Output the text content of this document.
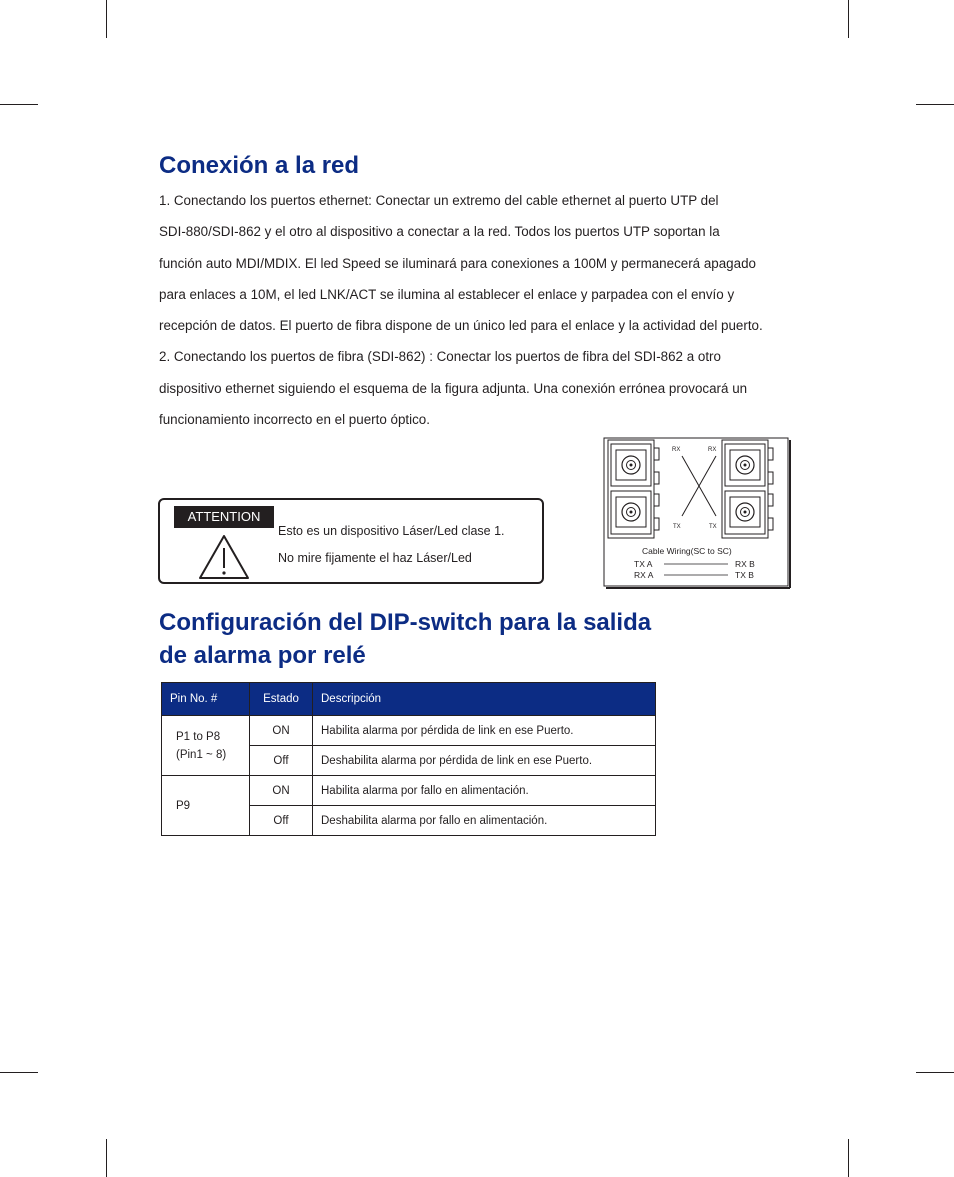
Conexión a la red
1. Conectando los puertos ethernet: Conectar un extremo del cable ethernet al puerto UTP del
SDI-880/SDI-862 y el otro al dispositivo a conectar a la red. Todos los puertos UTP soportan la
función auto MDI/MDIX. El led Speed se iluminará para conexiones a 100M y permanecerá apagado
para enlaces a 10M, el led LNK/ACT se ilumina al establecer el enlace y parpadea con el envío y
recepción de datos. El puerto de fibra dispone de un único led para el enlace y la actividad del puerto.
2. Conectando los puertos de fibra (SDI-862) : Conectar los puertos de fibra del SDI-862 a otro
dispositivo ethernet siguiendo el esquema de la figura adjunta. Una conexión errónea provocará un
funcionamiento incorrecto en el puerto óptico.
ATTENTION
Esto es un dispositivo Láser/Led clase 1.
No mire fijamente el haz Láser/Led
RX	RX
TX	TX
Cable Wiring(SC to SC)
TX A	RX B
RX A	TX B
Configuración del DIP-switch para la salida
de alarma por relé
Pin No. #	Estado	Descripción
P1 to P8
(Pin1 ~ 8)	ON	Habilita alarma por pérdida de link en ese Puerto.
	Off	Deshabilita alarma por pérdida de link en ese Puerto.
P9	ON	Habilita alarma por fallo en alimentación.
	Off	Deshabilita alarma por fallo en alimentación.
